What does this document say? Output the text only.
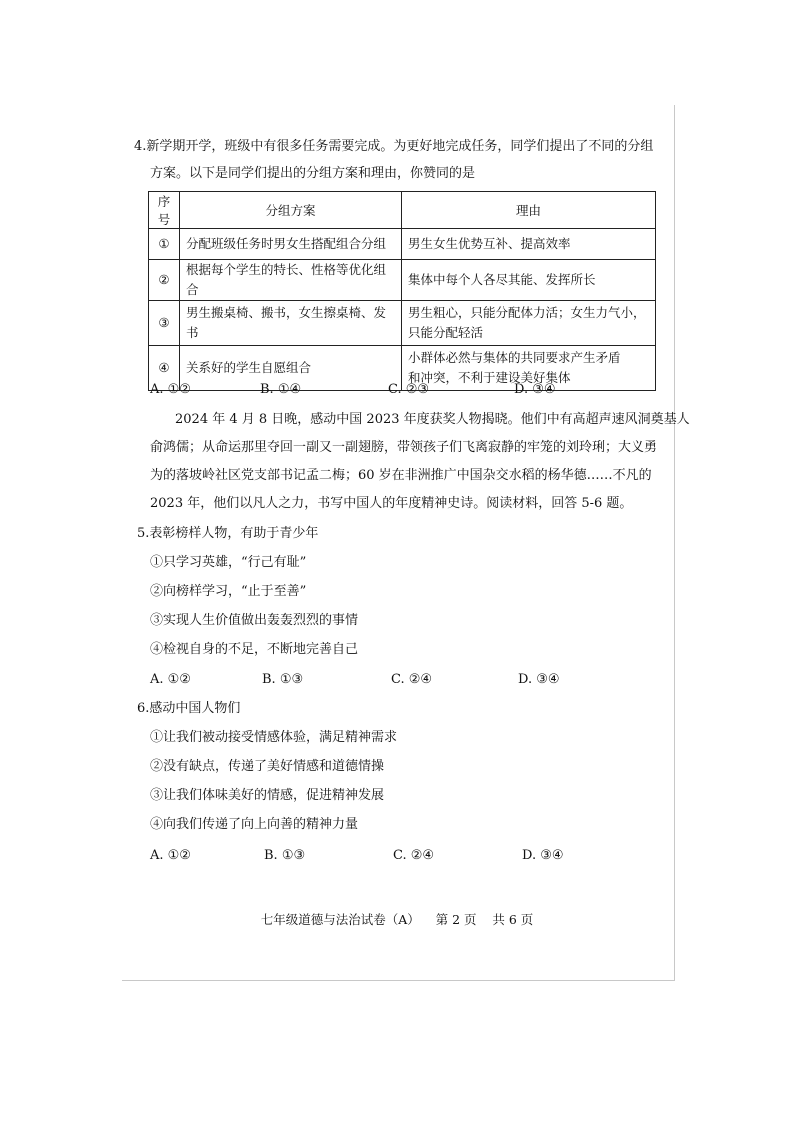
4.新学期开学，班级中有很多任务需要完成。为更好地完成任务，同学们提出了不同的分组
方案。以下是同学们提出的分组方案和理由，你赞同的是
序号	分组方案	理由
①	分配班级任务时男女生搭配组合分组	男生女生优势互补、提高效率
②	根据每个学生的特长、性格等优化组合	集体中每个人各尽其能、发挥所长
③	男生搬桌椅、搬书，女生擦桌椅、发书	男生粗心，只能分配体力活；女生力气小，
只能分配轻活

④	关系好的学生自愿组合	小群体必然与集体的共同要求产生矛盾
和冲突，不利于建设美好集体
A. ①②	B. ①④	C. ②③	D. ③④
2024 年 4 月 8 日晚，感动中国 2023 年度获奖人物揭晓。他们中有高超声速风洞奠基人
俞鸿儒；从命运那里夺回一副又一副翅膀，带领孩子们飞离寂静的牢笼的刘玲琍；大义勇
为的落坡岭社区党支部书记孟二梅；60 岁在非洲推广中国杂交水稻的杨华德……不凡的
2023 年，他们以凡人之力，书写中国人的年度精神史诗。阅读材料，回答 5-6 题。
5.表彰榜样人物，有助于青少年
①只学习英雄，“行己有耻”
②向榜样学习，“止于至善”
③实现人生价值做出轰轰烈烈的事情
④检视自身的不足，不断地完善自己
A. ①②	B. ①③	C. ②④	D. ③④
6.感动中国人物们
①让我们被动接受情感体验，满足精神需求
②没有缺点，传递了美好情感和道德情操
③让我们体味美好的情感，促进精神发展
④向我们传递了向上向善的精神力量
A. ①②	B. ①③	C. ②④	D. ③④
七年级道德与法治试卷（A）    第 2 页    共 6 页
